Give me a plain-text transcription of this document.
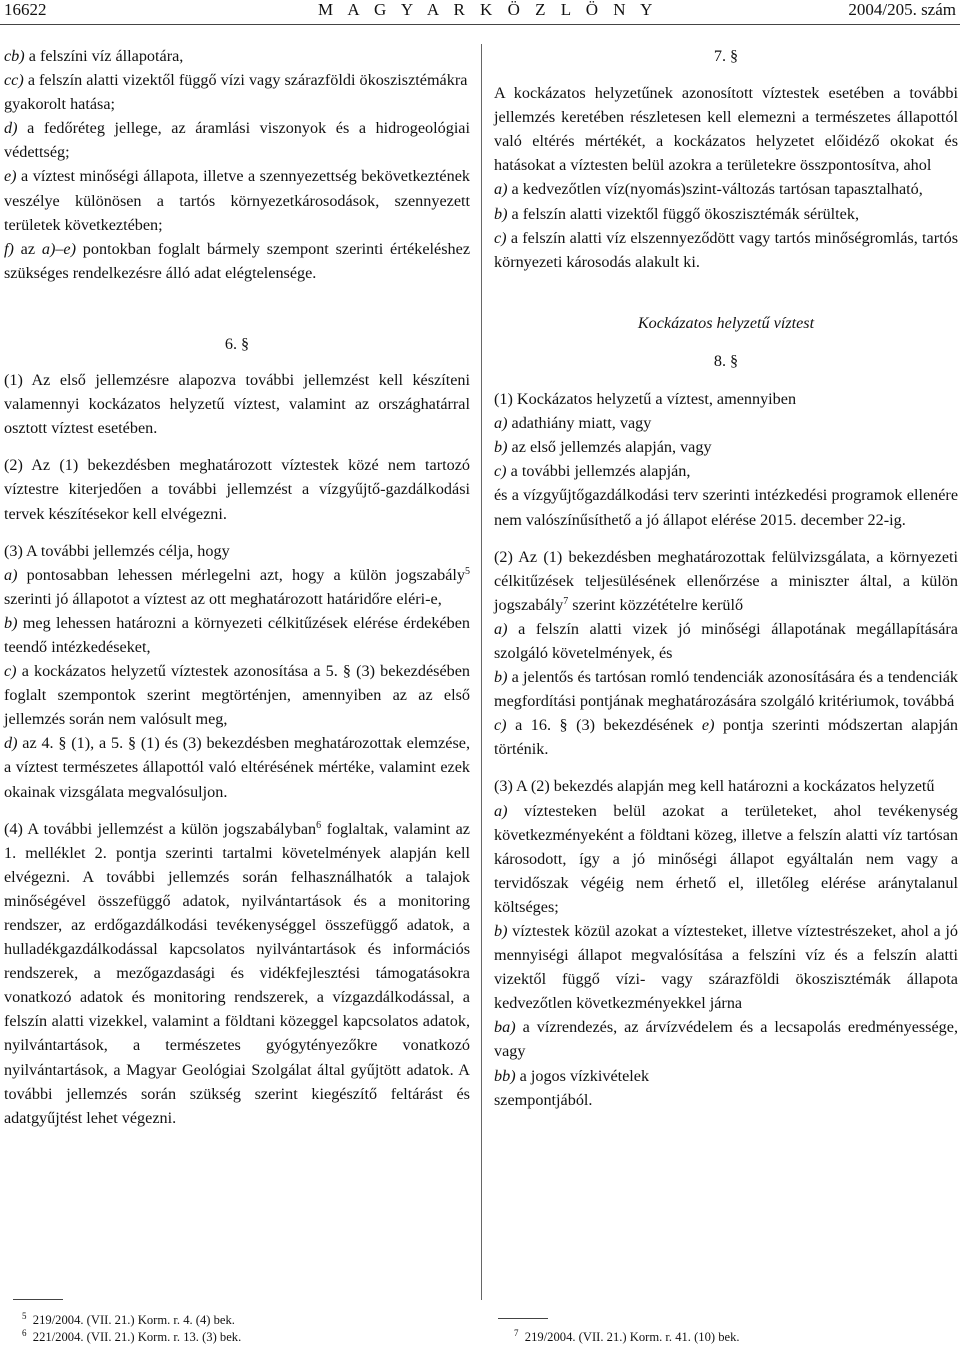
16622	M A G Y A R K Ö Z L Ö N Y	2004/205. szám

cb) a felszíni víz állapotára,

cc) a felszín alatti vizektől függő vízi vagy szárazföldi ökoszisztémákra

gyakorolt hatása;

d) a fedőréteg jellege, az áramlási viszonyok és a hidrogeológiai védettség;

e) a víztest minőségi állapota, illetve a szennyezettség bekövetkeztének veszélye különösen a tartós környezetkárosodások, szennyezett területek következtében;

f) az a)–e) pontokban foglalt bármely szempont szerinti értékeléshez szükséges rendelkezésre álló adat elégtelensége.

6. §

(1) Az első jellemzésre alapozva további jellemzést kell készíteni valamennyi kockázatos helyzetű víztest, valamint az országhatárral osztott víztest esetében.

(2) Az (1) bekezdésben meghatározott víztestek közé nem tartozó víztestre kiterjedően a további jellemzést a vízgyűjtő-gazdálkodási tervek készítésekor kell elvégezni.

(3) A további jellemzés célja, hogy

a) pontosabban lehessen mérlegelni azt, hogy a külön jogszabály$^5$ szerinti jó állapotot a víztest az ott meghatározott határidőre eléri-e,

b) meg lehessen határozni a környezeti célkitűzések elérése érdekében teendő intézkedéseket,

c) a kockázatos helyzetű víztestek azonosítása a 5. § (3) bekezdésében foglalt szempontok szerint megtörténjen, amennyiben az az első jellemzés során nem valósult meg,

d) az 4. § (1), a 5. § (1) és (3) bekezdésben meghatározottak elemzése, a víztest természetes állapottól való eltérésének mértéke, valamint ezek okainak vizsgálata megvalósuljon.

(4) A további jellemzést a külön jogszabályban$^6$ foglaltak, valamint az 1. melléklet 2. pontja szerinti tartalmi követelmények alapján kell elvégezni. A további jellemzés során felhasználhatók a talajok minőségével összefüggő adatok, nyilvántartások és a monitoring rendszer, az erdőgazdálkodási tevékenységgel összefüggő adatok, a hulladékgazdálkodással kapcsolatos nyilvántartások és információs rendszerek, a mezőgazdasági és vidékfejlesztési támogatásokra vonatkozó adatok és monitoring rendszerek, a vízgazdálkodással, a felszín alatti vizekkel, valamint a földtani közeggel kapcsolatos adatok, nyilvántartások, a természetes gyógytényezőkre vonatkozó nyilvántartások, a Magyar Geológiai Szolgálat által gyűjtött adatok. A további jellemzés során szükség szerint kiegészítő feltárást és adatgyűjtést lehet végezni.

7. §

A kockázatos helyzetűnek azonosított víztestek esetében a további jellemzés keretében részletesen kell elemezni a természetes állapottól való eltérés mértékét, a kockázatos helyzetet előidéző okokat és hatásokat a víztesten belül azokra a területekre összpontosítva, ahol

a) a kedvezőtlen víz(nyomás)szint-változás tartósan tapasztalható,

b) a felszín alatti vizektől függő ökoszisztémák sérültek,

c) a felszín alatti víz elszennyeződött vagy tartós minőségromlás, tartós környezeti károsodás alakult ki.

Kockázatos helyzetű víztest

8. §

(1) Kockázatos helyzetű a víztest, amennyiben

a) adathiány miatt, vagy

b) az első jellemzés alapján, vagy

c) a további jellemzés alapján,

és a vízgyűjtőgazdálkodási terv szerinti intézkedési programok ellenére nem valószínűsíthető a jó állapot elérése 2015. december 22-ig.

(2) Az (1) bekezdésben meghatározottak felülvizsgálata, a környezeti célkitűzések teljesülésének ellenőrzése a miniszter által, a külön jogszabály$^7$ szerint közzétételre kerülő

a) a felszín alatti vizek jó minőségi állapotának megállapítására szolgáló követelmények, és

b) a jelentős és tartósan romló tendenciák azonosítására és a tendenciák megfordítási pontjának meghatározására szolgáló kritériumok, továbbá

c) a 16. § (3) bekezdésének e) pontja szerinti módszertan alapján történik.

(3) A (2) bekezdés alapján meg kell határozni a kockázatos helyzetű

a) víztesteken belül azokat a területeket, ahol tevékenység következményeként a földtani közeg, illetve a felszín alatti víz tartósan károsodott, így a jó minőségi állapot egyáltalán nem vagy a tervidőszak végéig nem érhető el, illetőleg elérése aránytalanul költséges;

b) víztestek közül azokat a víztesteket, illetve víztestrészeket, ahol a jó mennyiségi állapot megvalósítása a felszíni víz és a felszín alatti vizektől függő vízi- vagy szárazföldi ökoszisztémák állapota kedvezőtlen következményekkel járna

ba) a vízrendezés, az árvízvédelem és a lecsapolás eredményessége, vagy

bb) a jogos vízkivételek

szempontjából.

$^5$ 219/2004. (VII. 21.) Korm. r. 4. (4) bek.
$^6$ 221/2004. (VII. 21.) Korm. r. 13. (3) bek.	$^7$ 219/2004. (VII. 21.) Korm. r. 41. (10) bek.
